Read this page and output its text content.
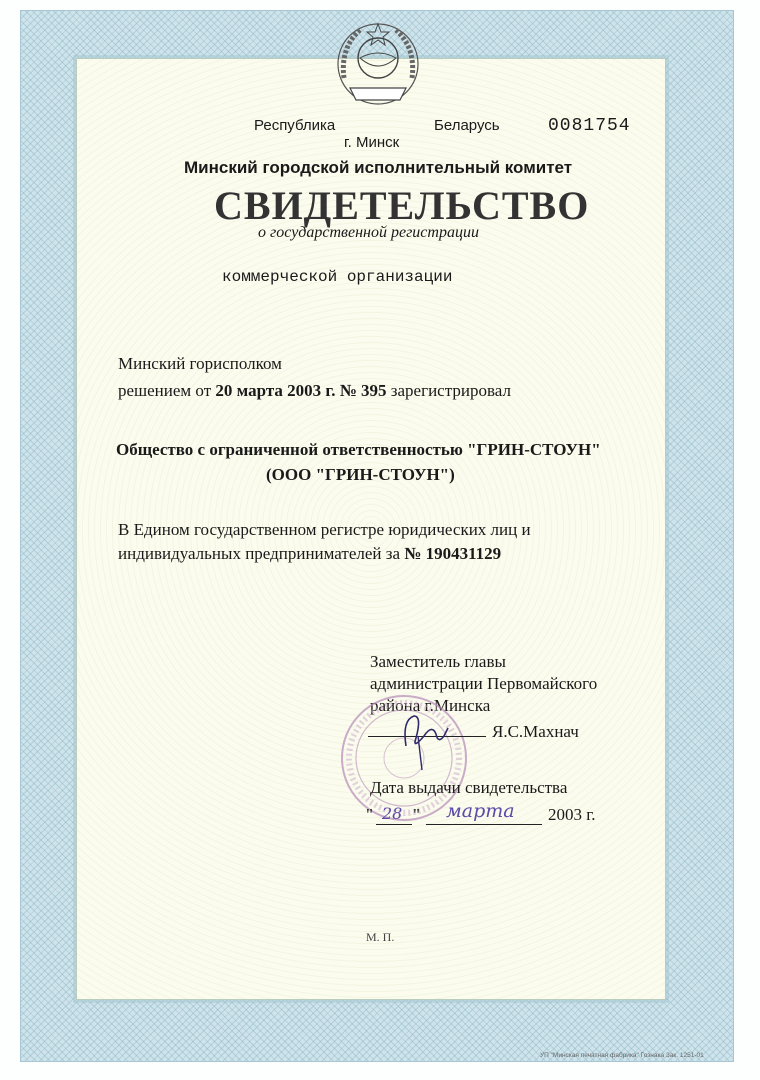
Республика	Беларусь
г. Минск
0081754
Минский городской исполнительный комитет
СВИДЕТЕЛЬСТВО
о государственной регистрации
коммерческой организации
Минский горисполком
решением от 20 марта 2003 г. № 395 зарегистрировал
Общество с ограниченной ответственностью "ГРИН-СТОУН"
(ООО "ГРИН-СТОУН")
В Едином государственном регистре юридических лиц и
индивидуальных предпринимателей за № 190431129
Заместитель главы
администрации Первомайского
района г.Минска
Я.С.Махнач
Дата выдачи свидетельства
" 28 " марта 2003 г.
М. П.
УП "Минская печатная фабрика" Гознака Зак. 1251-01
